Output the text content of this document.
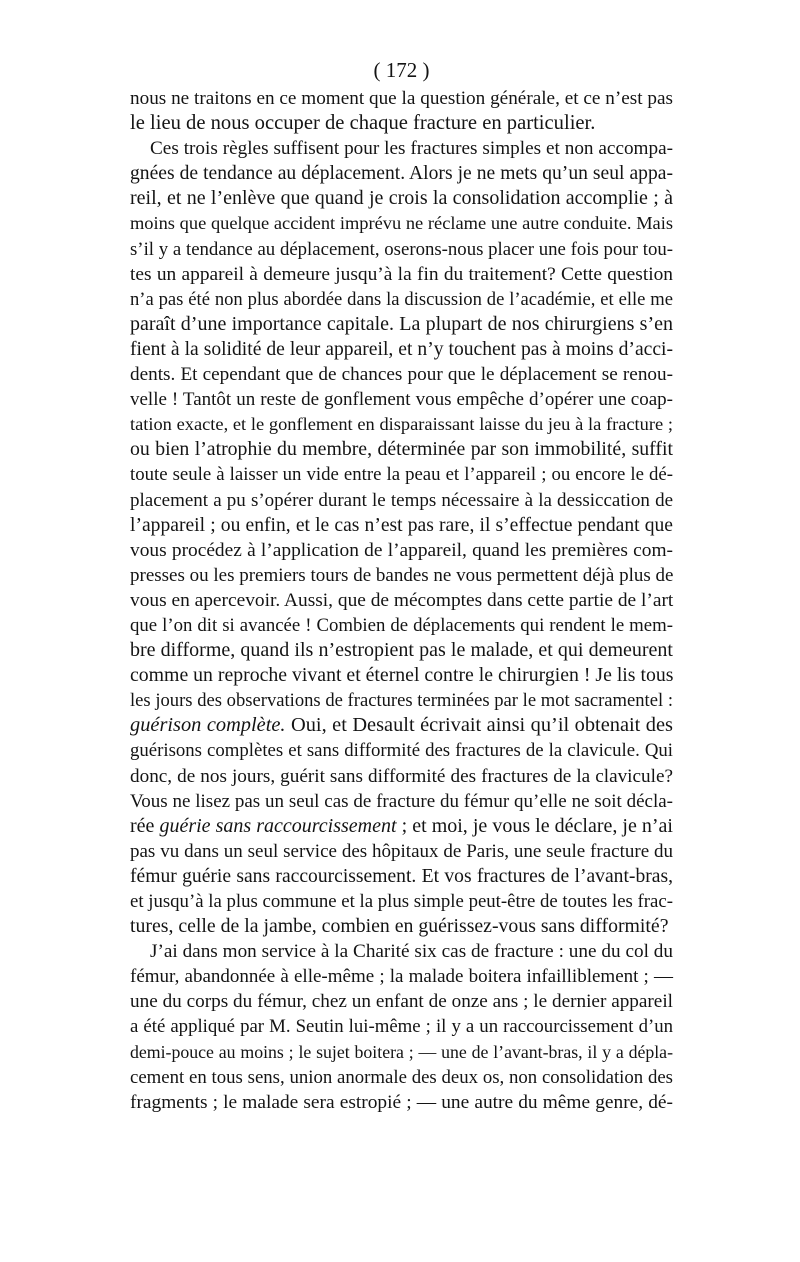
( 172 )
nous ne traitons en ce moment que la question générale, et ce n’est pas
le lieu de nous occuper de chaque fracture en particulier.
Ces trois règles suffisent pour les fractures simples et non accompa-
gnées de tendance au déplacement. Alors je ne mets qu’un seul appa-
reil, et ne l’enlève que quand je crois la consolidation accomplie ; à
moins que quelque accident imprévu ne réclame une autre conduite. Mais
s’il y a tendance au déplacement, oserons-nous placer une fois pour tou-
tes un appareil à demeure jusqu’à la fin du traitement? Cette question
n’a pas été non plus abordée dans la discussion de l’académie, et elle me
paraît d’une importance capitale. La plupart de nos chirurgiens s’en
fient à la solidité de leur appareil, et n’y touchent pas à moins d’acci-
dents. Et cependant que de chances pour que le déplacement se renou-
velle ! Tantôt un reste de gonflement vous empêche d’opérer une coap-
tation exacte, et le gonflement en disparaissant laisse du jeu à la fracture ;
ou bien l’atrophie du membre, déterminée par son immobilité, suffit
toute seule à laisser un vide entre la peau et l’appareil ; ou encore le dé-
placement a pu s’opérer durant le temps nécessaire à la dessiccation de
l’appareil ; ou enfin, et le cas n’est pas rare, il s’effectue pendant que
vous procédez à l’application de l’appareil, quand les premières com-
presses ou les premiers tours de bandes ne vous permettent déjà plus de
vous en apercevoir. Aussi, que de mécomptes dans cette partie de l’art
que l’on dit si avancée ! Combien de déplacements qui rendent le mem-
bre difforme, quand ils n’estropient pas le malade, et qui demeurent
comme un reproche vivant et éternel contre le chirurgien ! Je lis tous
les jours des observations de fractures terminées par le mot sacramentel :
guérison complète. Oui, et Desault écrivait ainsi qu’il obtenait des
guérisons complètes et sans difformité des fractures de la clavicule. Qui
donc, de nos jours, guérit sans difformité des fractures de la clavicule?
Vous ne lisez pas un seul cas de fracture du fémur qu’elle ne soit décla-
rée guérie sans raccourcissement ; et moi, je vous le déclare, je n’ai
pas vu dans un seul service des hôpitaux de Paris, une seule fracture du
fémur guérie sans raccourcissement. Et vos fractures de l’avant-bras,
et jusqu’à la plus commune et la plus simple peut-être de toutes les frac-
tures, celle de la jambe, combien en guérissez-vous sans difformité?
J’ai dans mon service à la Charité six cas de fracture : une du col du
fémur, abandonnée à elle-même ; la malade boitera infailliblement ; —
une du corps du fémur, chez un enfant de onze ans ; le dernier appareil
a été appliqué par M. Seutin lui-même ; il y a un raccourcissement d’un
demi-pouce au moins ; le sujet boitera ; — une de l’avant-bras, il y a dépla-
cement en tous sens, union anormale des deux os, non consolidation des
fragments ; le malade sera estropié ; — une autre du même genre, dé-
